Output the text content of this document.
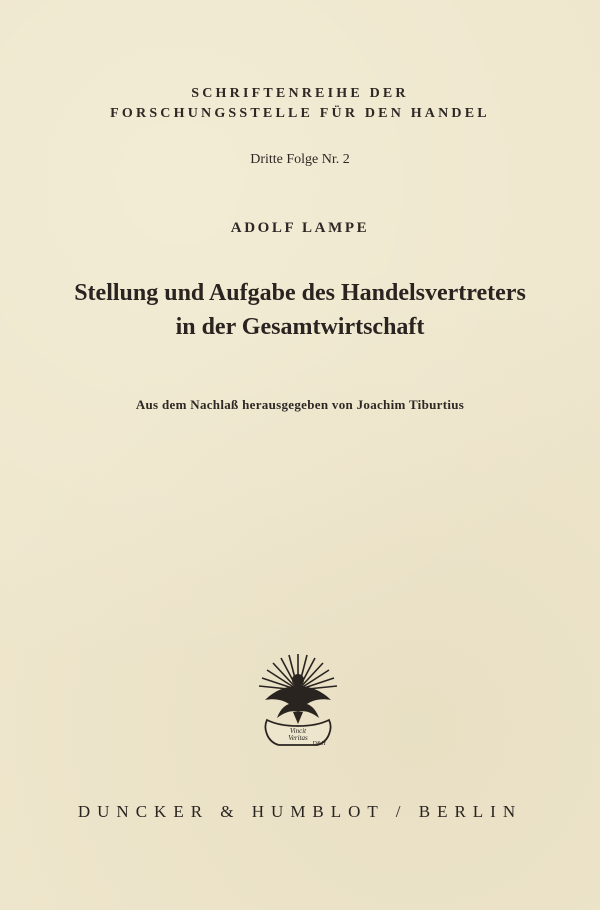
SCHRIFTENREIHE DER
FORSCHUNGSSTELLE FÜR DEN HANDEL
Dritte Folge Nr. 2
ADOLF LAMPE
Stellung und Aufgabe des Handelsvertreters
in der Gesamtwirtschaft
Aus dem Nachlaß herausgegeben von Joachim Tiburtius
Vincit
Veritas
D&H
DUNCKER & HUMBLOT / BERLIN
